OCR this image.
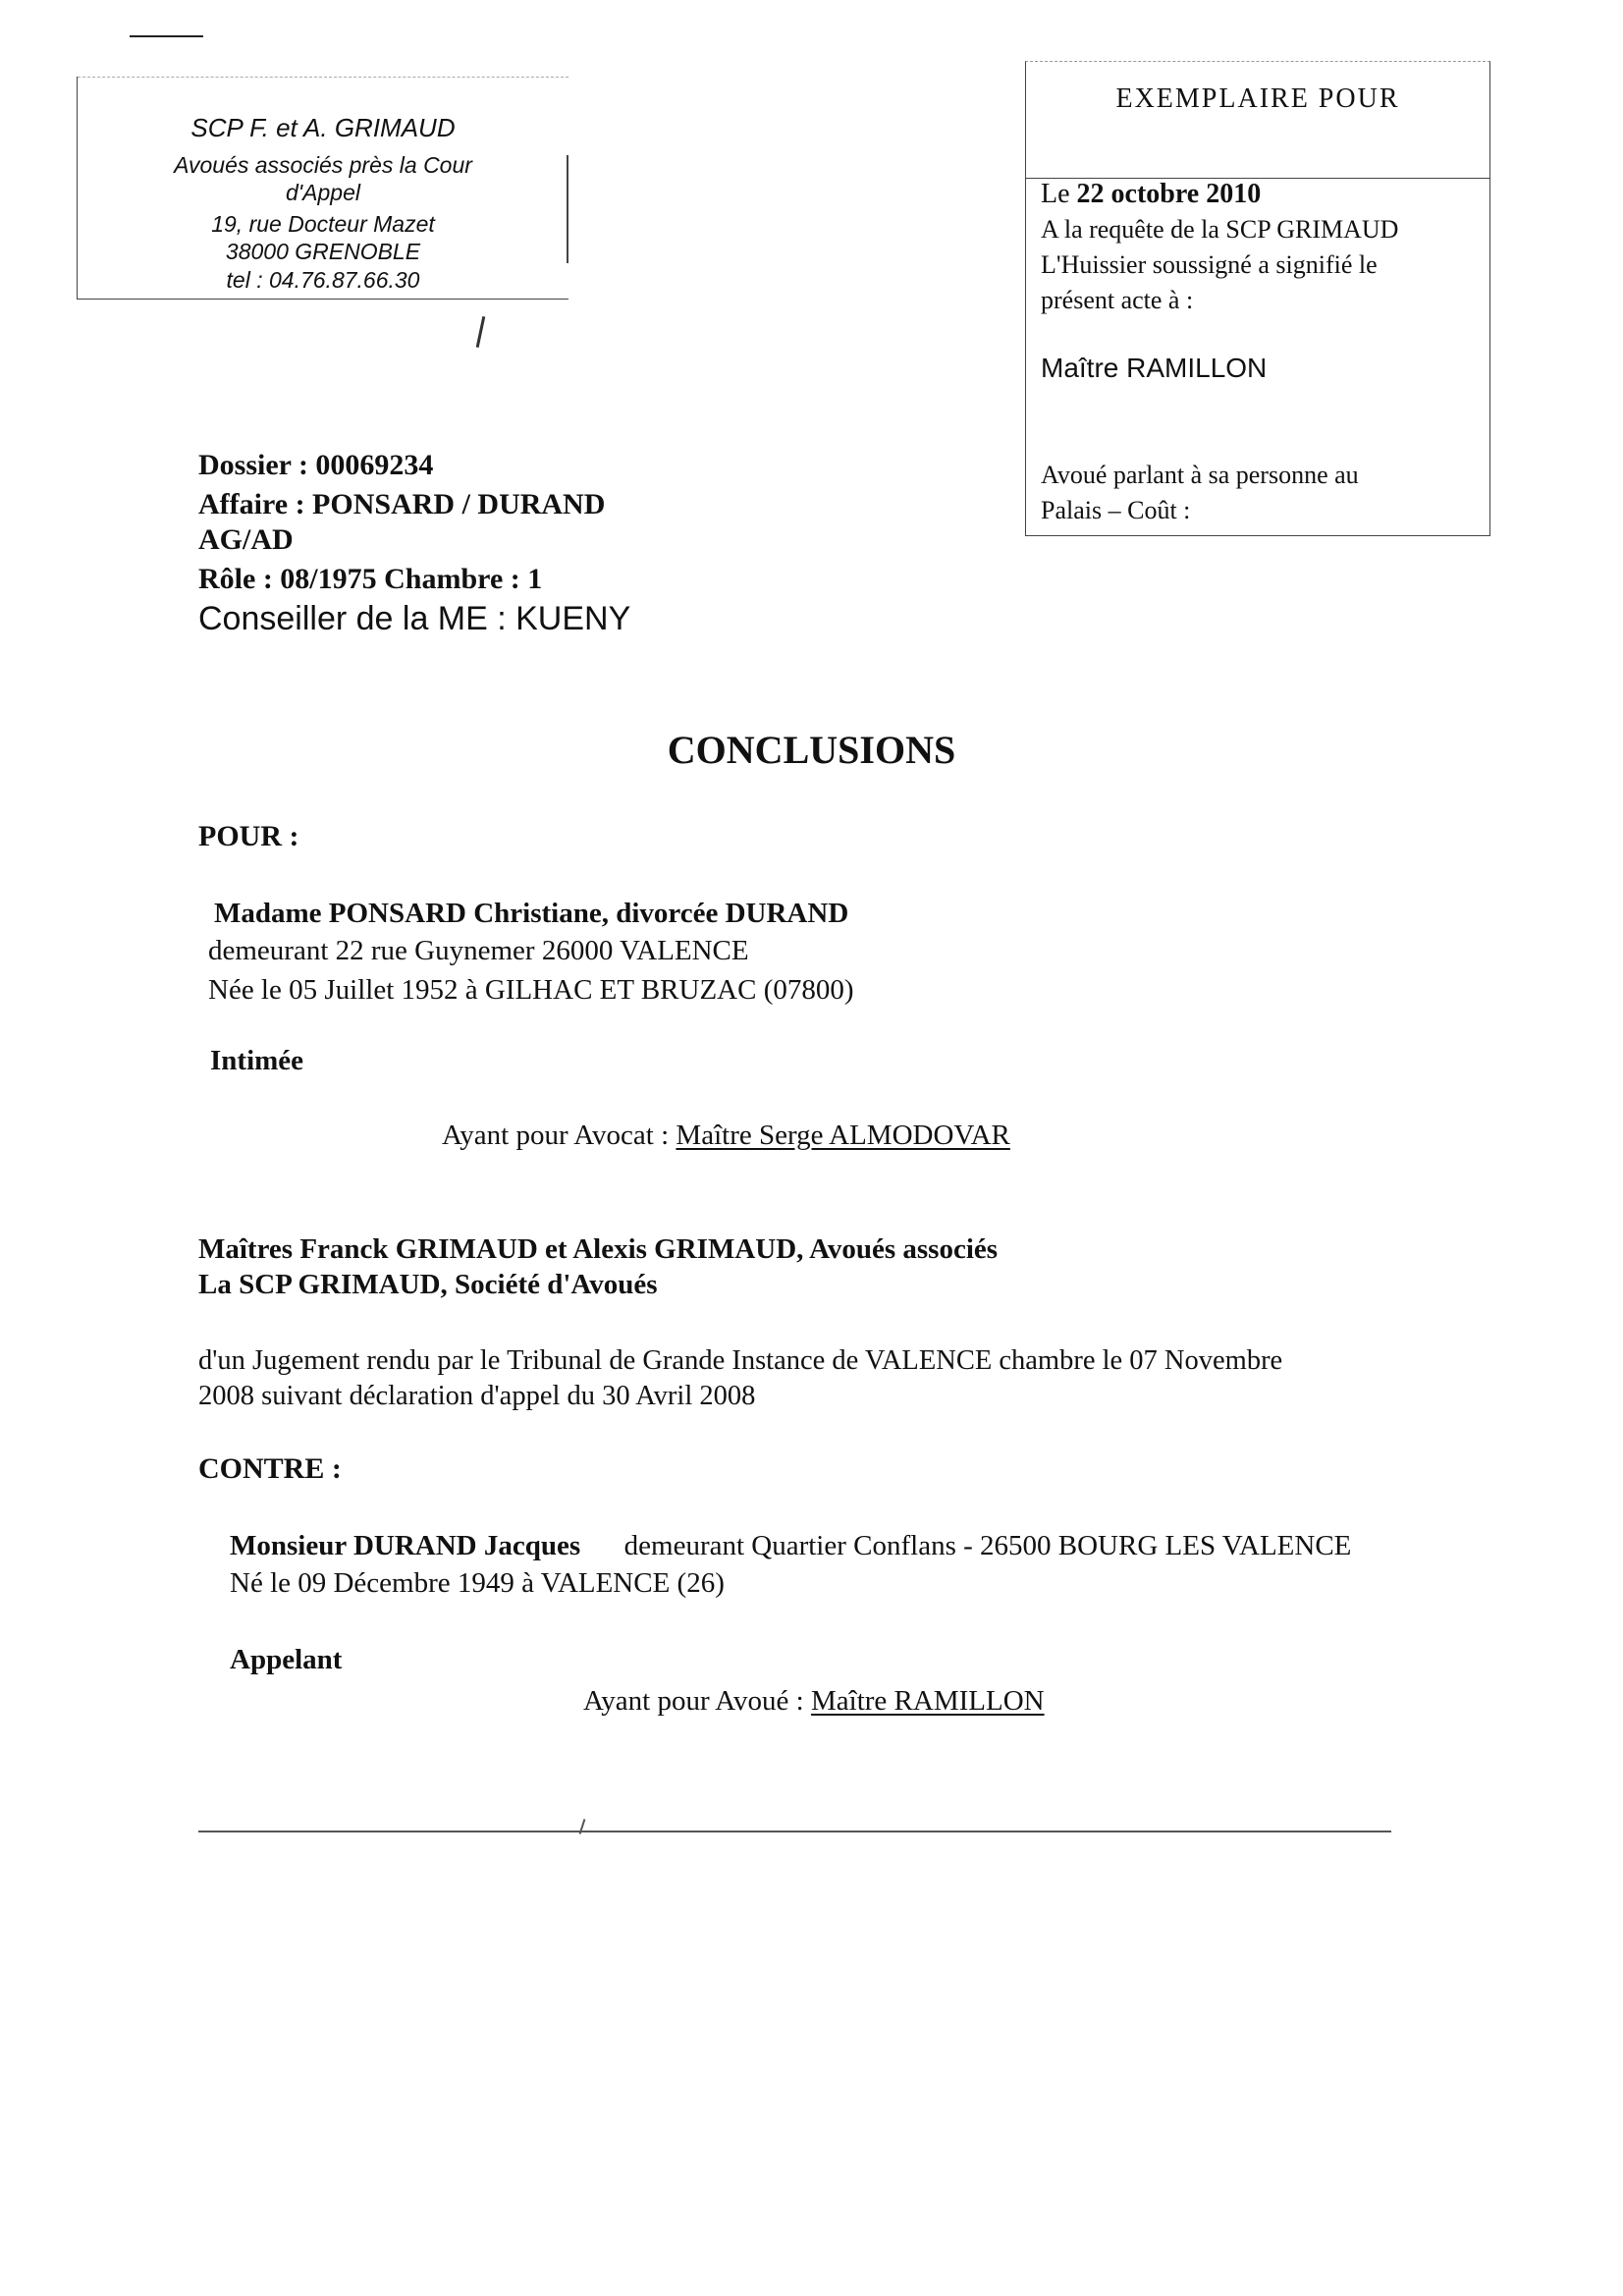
SCP F. et A. GRIMAUD
Avoués associés près la Cour
d'Appel
19, rue Docteur Mazet
38000 GRENOBLE
tel : 04.76.87.66.30
EXEMPLAIRE POUR
Le 22 octobre 2010
A la requête de la SCP GRIMAUD
L'Huissier soussigné a signifié le
présent acte à :
Maître RAMILLON
Avoué parlant à sa personne au
Palais – Coût :
Dossier : 00069234
Affaire : PONSARD / DURAND
AG/AD
Rôle : 08/1975 Chambre : 1
Conseiller de la ME : KUENY
CONCLUSIONS
POUR :
Madame PONSARD Christiane, divorcée DURAND
demeurant 22 rue Guynemer 26000 VALENCE
Née le 05 Juillet 1952 à GILHAC ET BRUZAC (07800)
Intimée
Ayant pour Avocat : Maître Serge ALMODOVAR
Maîtres Franck GRIMAUD et Alexis GRIMAUD, Avoués associés
La SCP GRIMAUD, Société d'Avoués
d'un Jugement rendu par le Tribunal de Grande Instance de VALENCE chambre le 07 Novembre
2008 suivant déclaration d'appel du 30 Avril 2008
CONTRE :
Monsieur DURAND Jacques demeurant Quartier Conflans - 26500 BOURG LES VALENCE
Né le 09 Décembre 1949 à VALENCE (26)
Appelant
Ayant pour Avoué : Maître RAMILLON
